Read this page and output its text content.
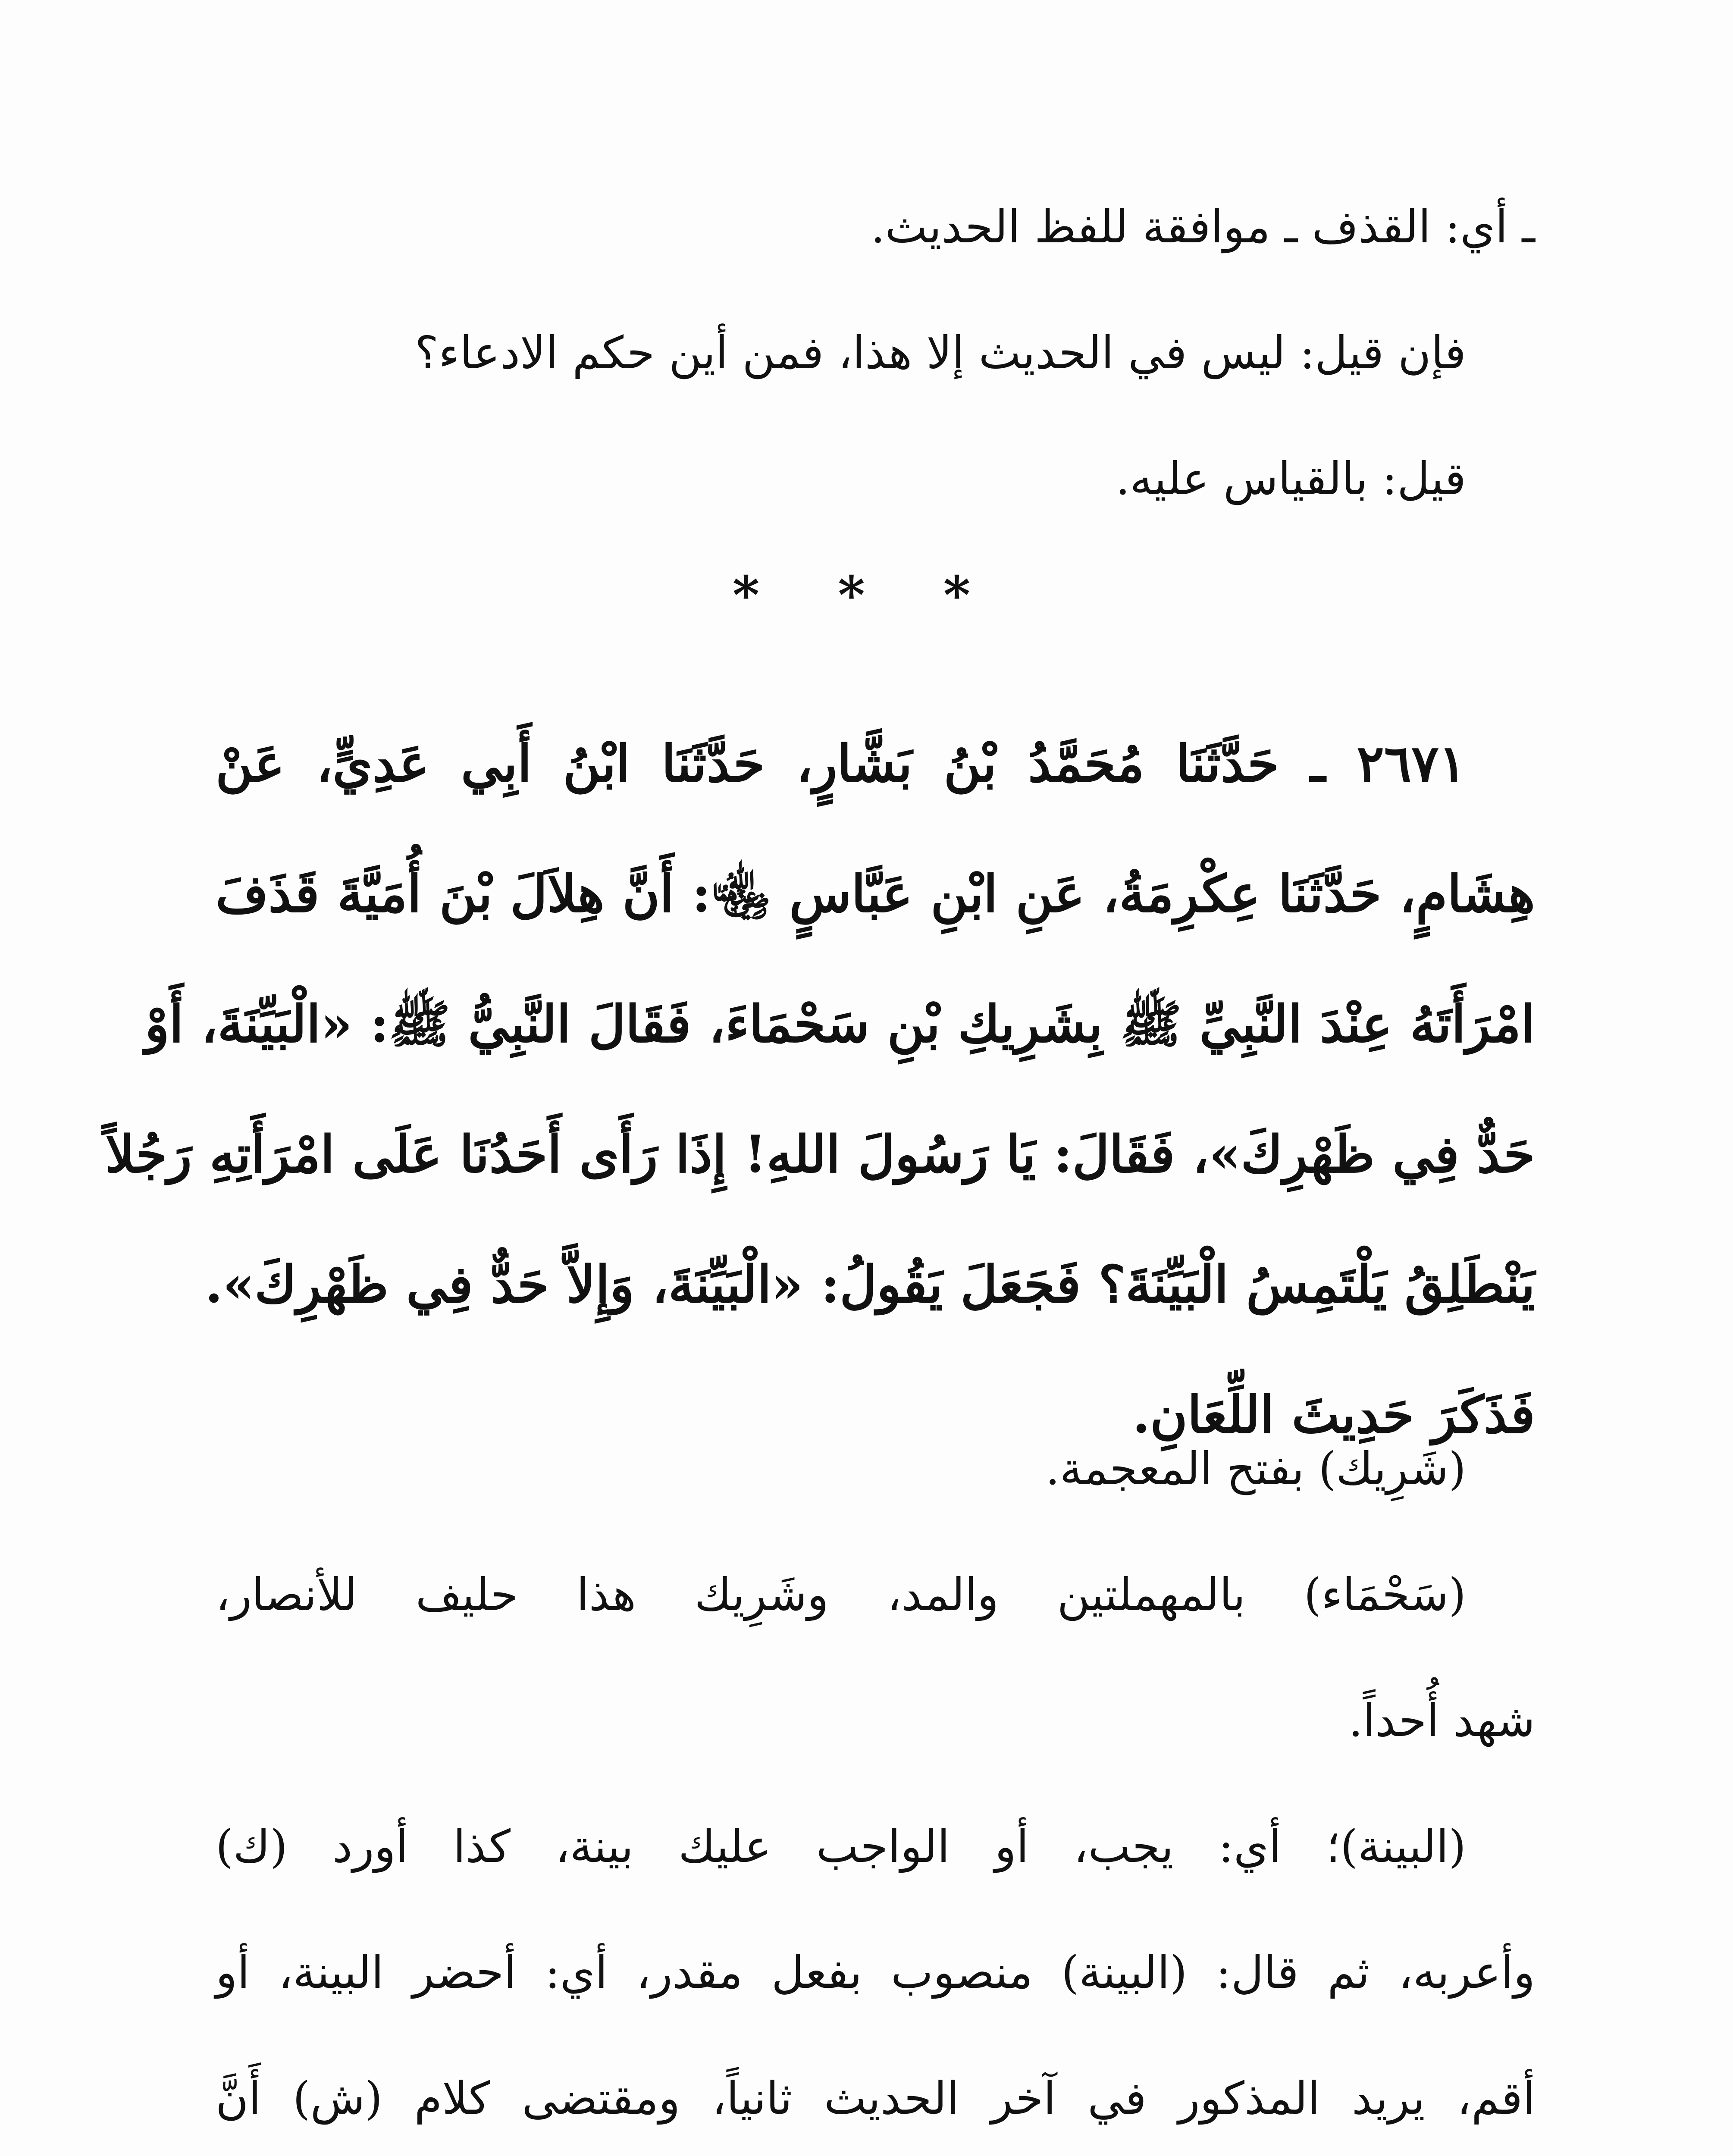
ـ أي: القذف ـ موافقة للفظ الحديث.
فإن قيل: ليس في الحديث إلا هذا، فمن أين حكم الادعاء؟
قيل: بالقياس عليه.
* * *
٢٦٧١ ـ حَدَّثَنَا مُحَمَّدُ بْنُ بَشَّارٍ، حَدَّثَنَا ابْنُ أَبِي عَدِيٍّ، عَنْ
هِشَامٍ، حَدَّثَنَا عِكْرِمَةُ، عَنِ ابْنِ عَبَّاسٍ ﵄: أَنَّ هِلاَلَ بْنَ أُمَيَّةَ قَذَفَ
امْرَأَتَهُ عِنْدَ النَّبِيِّ ﷺ بِشَرِيكِ بْنِ سَحْمَاءَ، فَقَالَ النَّبِيُّ ﷺ: «الْبَيِّنَةَ، أَوْ
حَدٌّ فِي ظَهْرِكَ»، فَقَالَ: يَا رَسُولَ اللهِ! إِذَا رَأَى أَحَدُنَا عَلَى امْرَأَتِهِ رَجُلاً
يَنْطَلِقُ يَلْتَمِسُ الْبَيِّنَةَ؟ فَجَعَلَ يَقُولُ: «الْبَيِّنَةَ، وَإِلاَّ حَدٌّ فِي ظَهْرِكَ».
فَذَكَرَ حَدِيثَ اللِّعَانِ.
(شَرِيك) بفتح المعجمة.
(سَحْمَاء) بالمهملتين والمد، وشَرِيك هذا حليف للأنصار،
شهد أُحداً.
(البينة)؛ أي: يجب، أو الواجب عليك بينة، كذا أورد (ك)
وأعربه، ثم قال: (البينة) منصوب بفعل مقدر، أي: أحضر البينة، أو
أقم، يريد المذكور في آخر الحديث ثانياً، ومقتضى كلام (ش) أَنَّ
